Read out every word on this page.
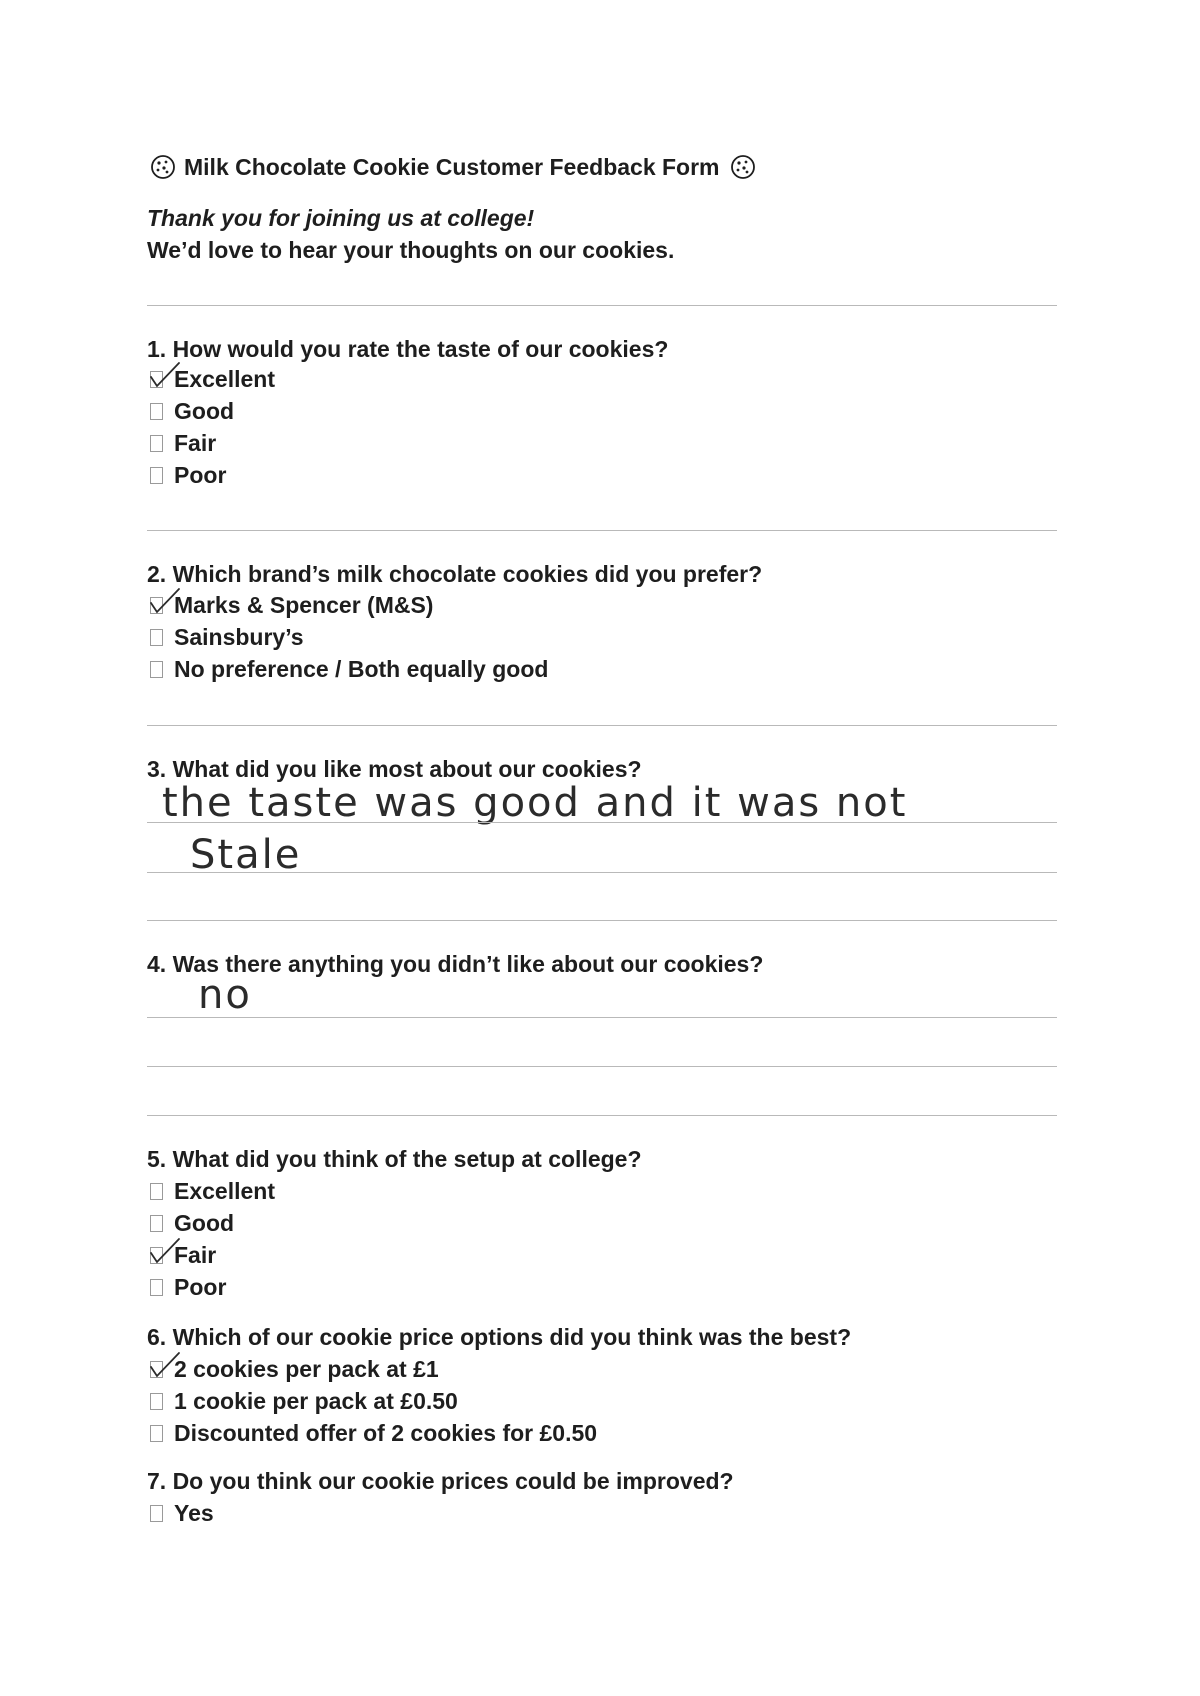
Milk Chocolate Cookie Customer Feedback Form
Thank you for joining us at college!
We’d love to hear your thoughts on our cookies.
1. How would you rate the taste of our cookies?
Excellent
Good
Fair
Poor
2. Which brand’s milk chocolate cookies did you prefer?
Marks & Spencer (M&S)
Sainsbury’s
No preference / Both equally good
3. What did you like most about our cookies?
the taste was good and it was not
Stale
4. Was there anything you didn’t like about our cookies?
no
5. What did you think of the setup at college?
Excellent
Good
Fair
Poor
6. Which of our cookie price options did you think was the best?
2 cookies per pack at £1
1 cookie per pack at £0.50
Discounted offer of 2 cookies for £0.50
7. Do you think our cookie prices could be improved?
Yes
